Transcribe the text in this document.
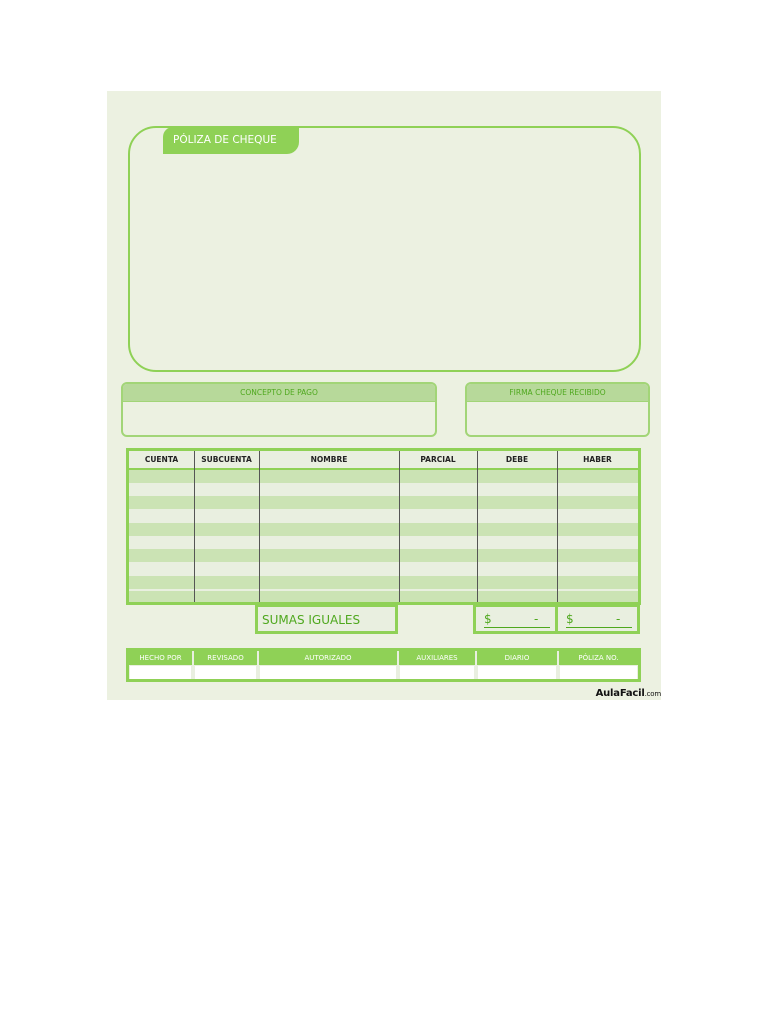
PÓLIZA DE CHEQUE
CONCEPTO DE PAGO	FIRMA CHEQUE RECIBIDO
CUENTA	SUBCUENTA	NOMBRE	PARCIAL	DEBE	HABER
SUMAS IGUALES	$	- $	-
HECHO POR	REVISADO	AUTORIZADO	AUXILIARES	DIARIO	PÓLIZA NO.
AulaFacil.com
